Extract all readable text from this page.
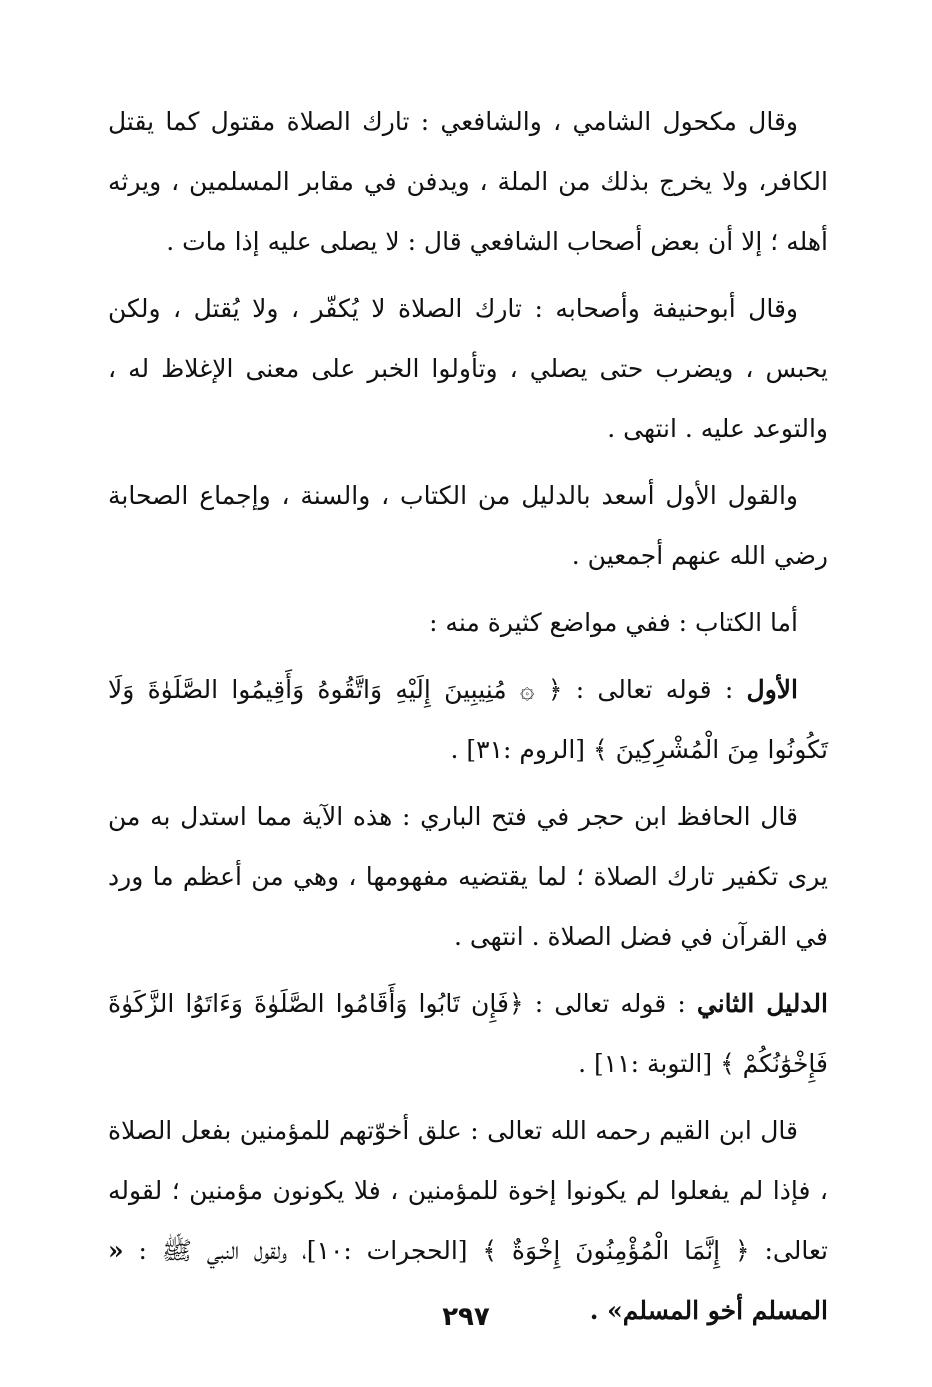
وقال مكحول الشامي ، والشافعي : تارك الصلاة مقتول كما يقتل الكافر، ولا يخرج بذلك من الملة ، ويدفن في مقابر المسلمين ، ويرثه أهله ؛ إلا أن بعض أصحاب الشافعي قال : لا يصلى عليه إذا مات .

وقال أبوحنيفة وأصحابه : تارك الصلاة لا يُكفّر ، ولا يُقتل ، ولكن يحبس ، ويضرب حتى يصلي ، وتأولوا الخبر على معنى الإغلاظ له ، والتوعد عليه . انتهى .

والقول الأول أسعد بالدليل من الكتاب ، والسنة ، وإجماع الصحابة رضي الله عنهم أجمعين .

أما الكتاب : ففي مواضع كثيرة منه :

الأول : قوله تعالى : ﴿ ۞ مُنِيبِينَ إِلَيْهِ وَاتَّقُوهُ وَأَقِيمُوا الصَّلَوٰةَ وَلَا تَكُونُوا مِنَ الْمُشْرِكِينَ ﴾ [الروم :٣١] .

قال الحافظ ابن حجر في فتح الباري : هذه الآية مما استدل به من يرى تكفير تارك الصلاة ؛ لما يقتضيه مفهومها ، وهي من أعظم ما ورد في القرآن في فضل الصلاة . انتهى .

الدليل الثاني : قوله تعالى : ﴿فَإِن تَابُوا وَأَقَامُوا الصَّلَوٰةَ وَءَاتَوُا الزَّكَوٰةَ فَإِخْوَٰنُكُمْ ﴾ [التوبة :١١] .

قال ابن القيم رحمه الله تعالى : علق أخوّتهم للمؤمنين بفعل الصلاة ، فإذا لم يفعلوا لم يكونوا إخوة للمؤمنين ، فلا يكونون مؤمنين ؛ لقوله تعالى: ﴿ إِنَّمَا الْمُؤْمِنُونَ إِخْوَةٌ ﴾ [الحجرات :١٠]، ولقول النبي ﷺ : « المسلم أخو المسلم» .

٢٩٧
